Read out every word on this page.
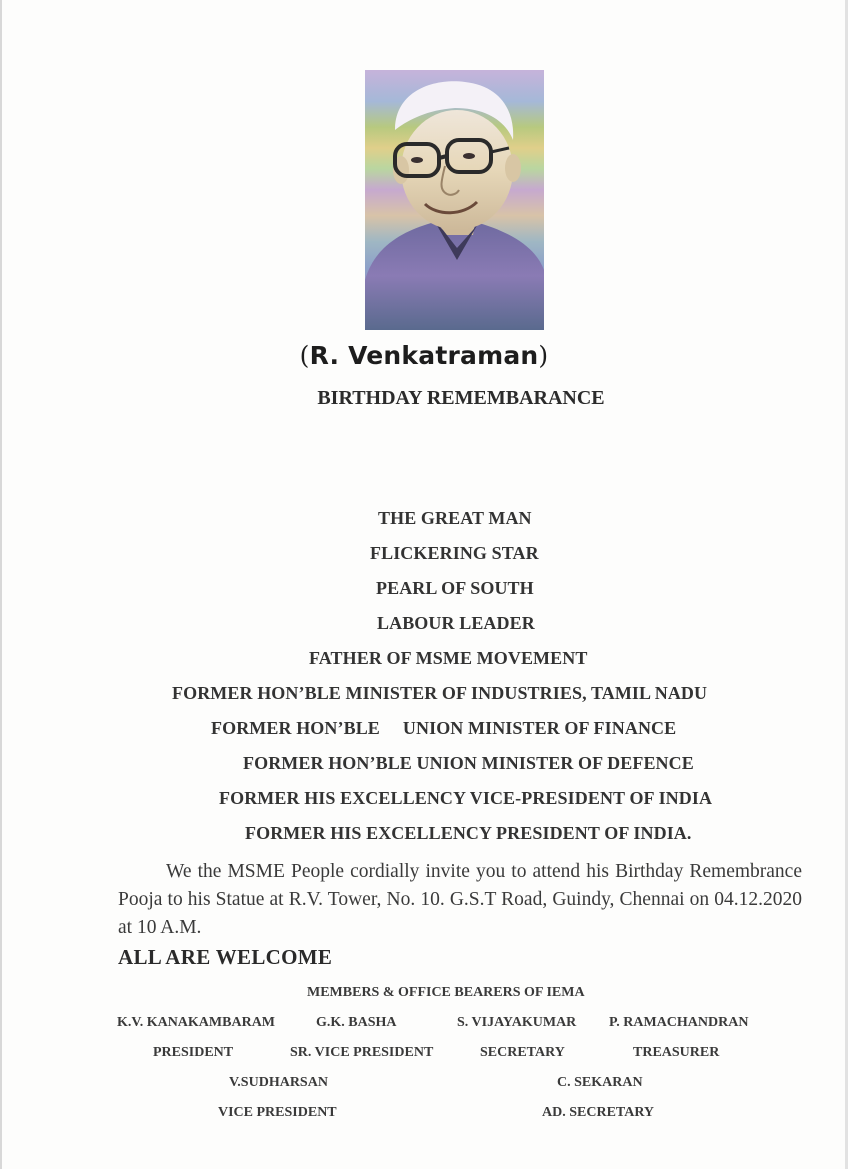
(R. Venkatraman)
BIRTHDAY REMEMBARANCE
THE GREAT MAN
FLICKERING STAR
PEARL OF SOUTH
LABOUR LEADER
FATHER OF MSME MOVEMENT
FORMER HON’BLE MINISTER OF INDUSTRIES, TAMIL NADU
FORMER HON’BLE     UNION MINISTER OF FINANCE
FORMER HON’BLE UNION MINISTER OF DEFENCE
FORMER HIS EXCELLENCY VICE-PRESIDENT OF INDIA
FORMER HIS EXCELLENCY PRESIDENT OF INDIA.
We the MSME People cordially invite you to attend his Birthday Remembrance Pooja to his Statue at R.V. Tower, No. 10. G.S.T Road, Guindy, Chennai on 04.12.2020 at 10 A.M.
ALL ARE WELCOME
MEMBERS & OFFICE BEARERS OF IEMA
K.V. KANAKAMBARAM	G.K. BASHA	S. VIJAYAKUMAR P. RAMACHANDRAN
PRESIDENT	SR. VICE PRESIDENT	SECRETARY	TREASURER
V.SUDHARSAN	C. SEKARAN
VICE PRESIDENT	AD. SECRETARY
